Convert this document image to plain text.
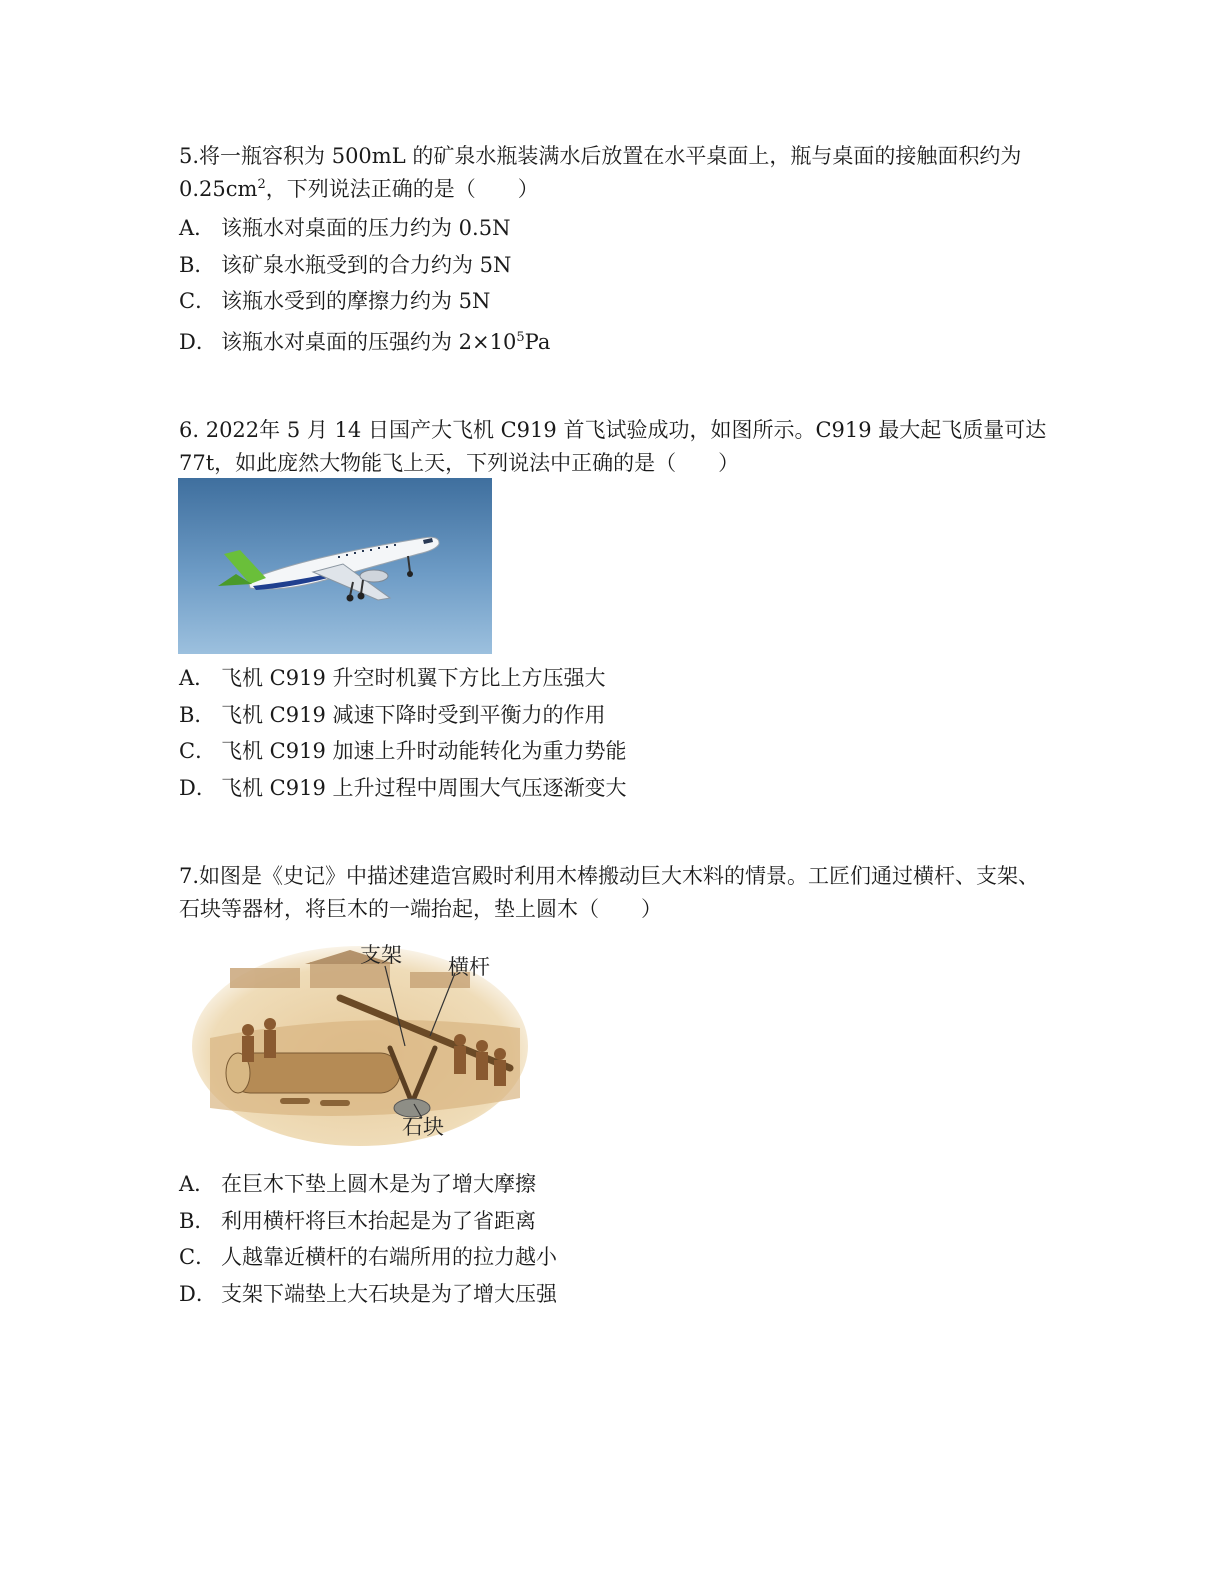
5.将一瓶容积为 500mL 的矿泉水瓶装满水后放置在水平桌面上，瓶与桌面的接触面积约为 $0.25cm^2$，下列说法正确的是（　　）

A． 该瓶水对桌面的压力约为 0.5N

B． 该矿泉水瓶受到的合力约为 5N

C． 该瓶水受到的摩擦力约为 5N

D． 该瓶水对桌面的压强约为 $2\times 10^5Pa$

6. 2022年 5 月 14 日国产大飞机 C919 首飞试验成功，如图所示。C919 最大起飞质量可达 77t，如此庞然大物能飞上天，下列说法中正确的是（　　）

A． 飞机 C919 升空时机翼下方比上方压强大

B． 飞机 C919 减速下降时受到平衡力的作用

C． 飞机 C919 加速上升时动能转化为重力势能

D． 飞机 C919 上升过程中周围大气压逐渐变大

7.如图是《史记》中描述建造宫殿时利用木棒搬动巨大木料的情景。工匠们通过横杆、支架、石块等器材，将巨木的一端抬起，垫上圆木（　　）

支架 横杆
石块

A． 在巨木下垫上圆木是为了增大摩擦

B． 利用横杆将巨木抬起是为了省距离

C． 人越靠近横杆的右端所用的拉力越小

D． 支架下端垫上大石块是为了增大压强
